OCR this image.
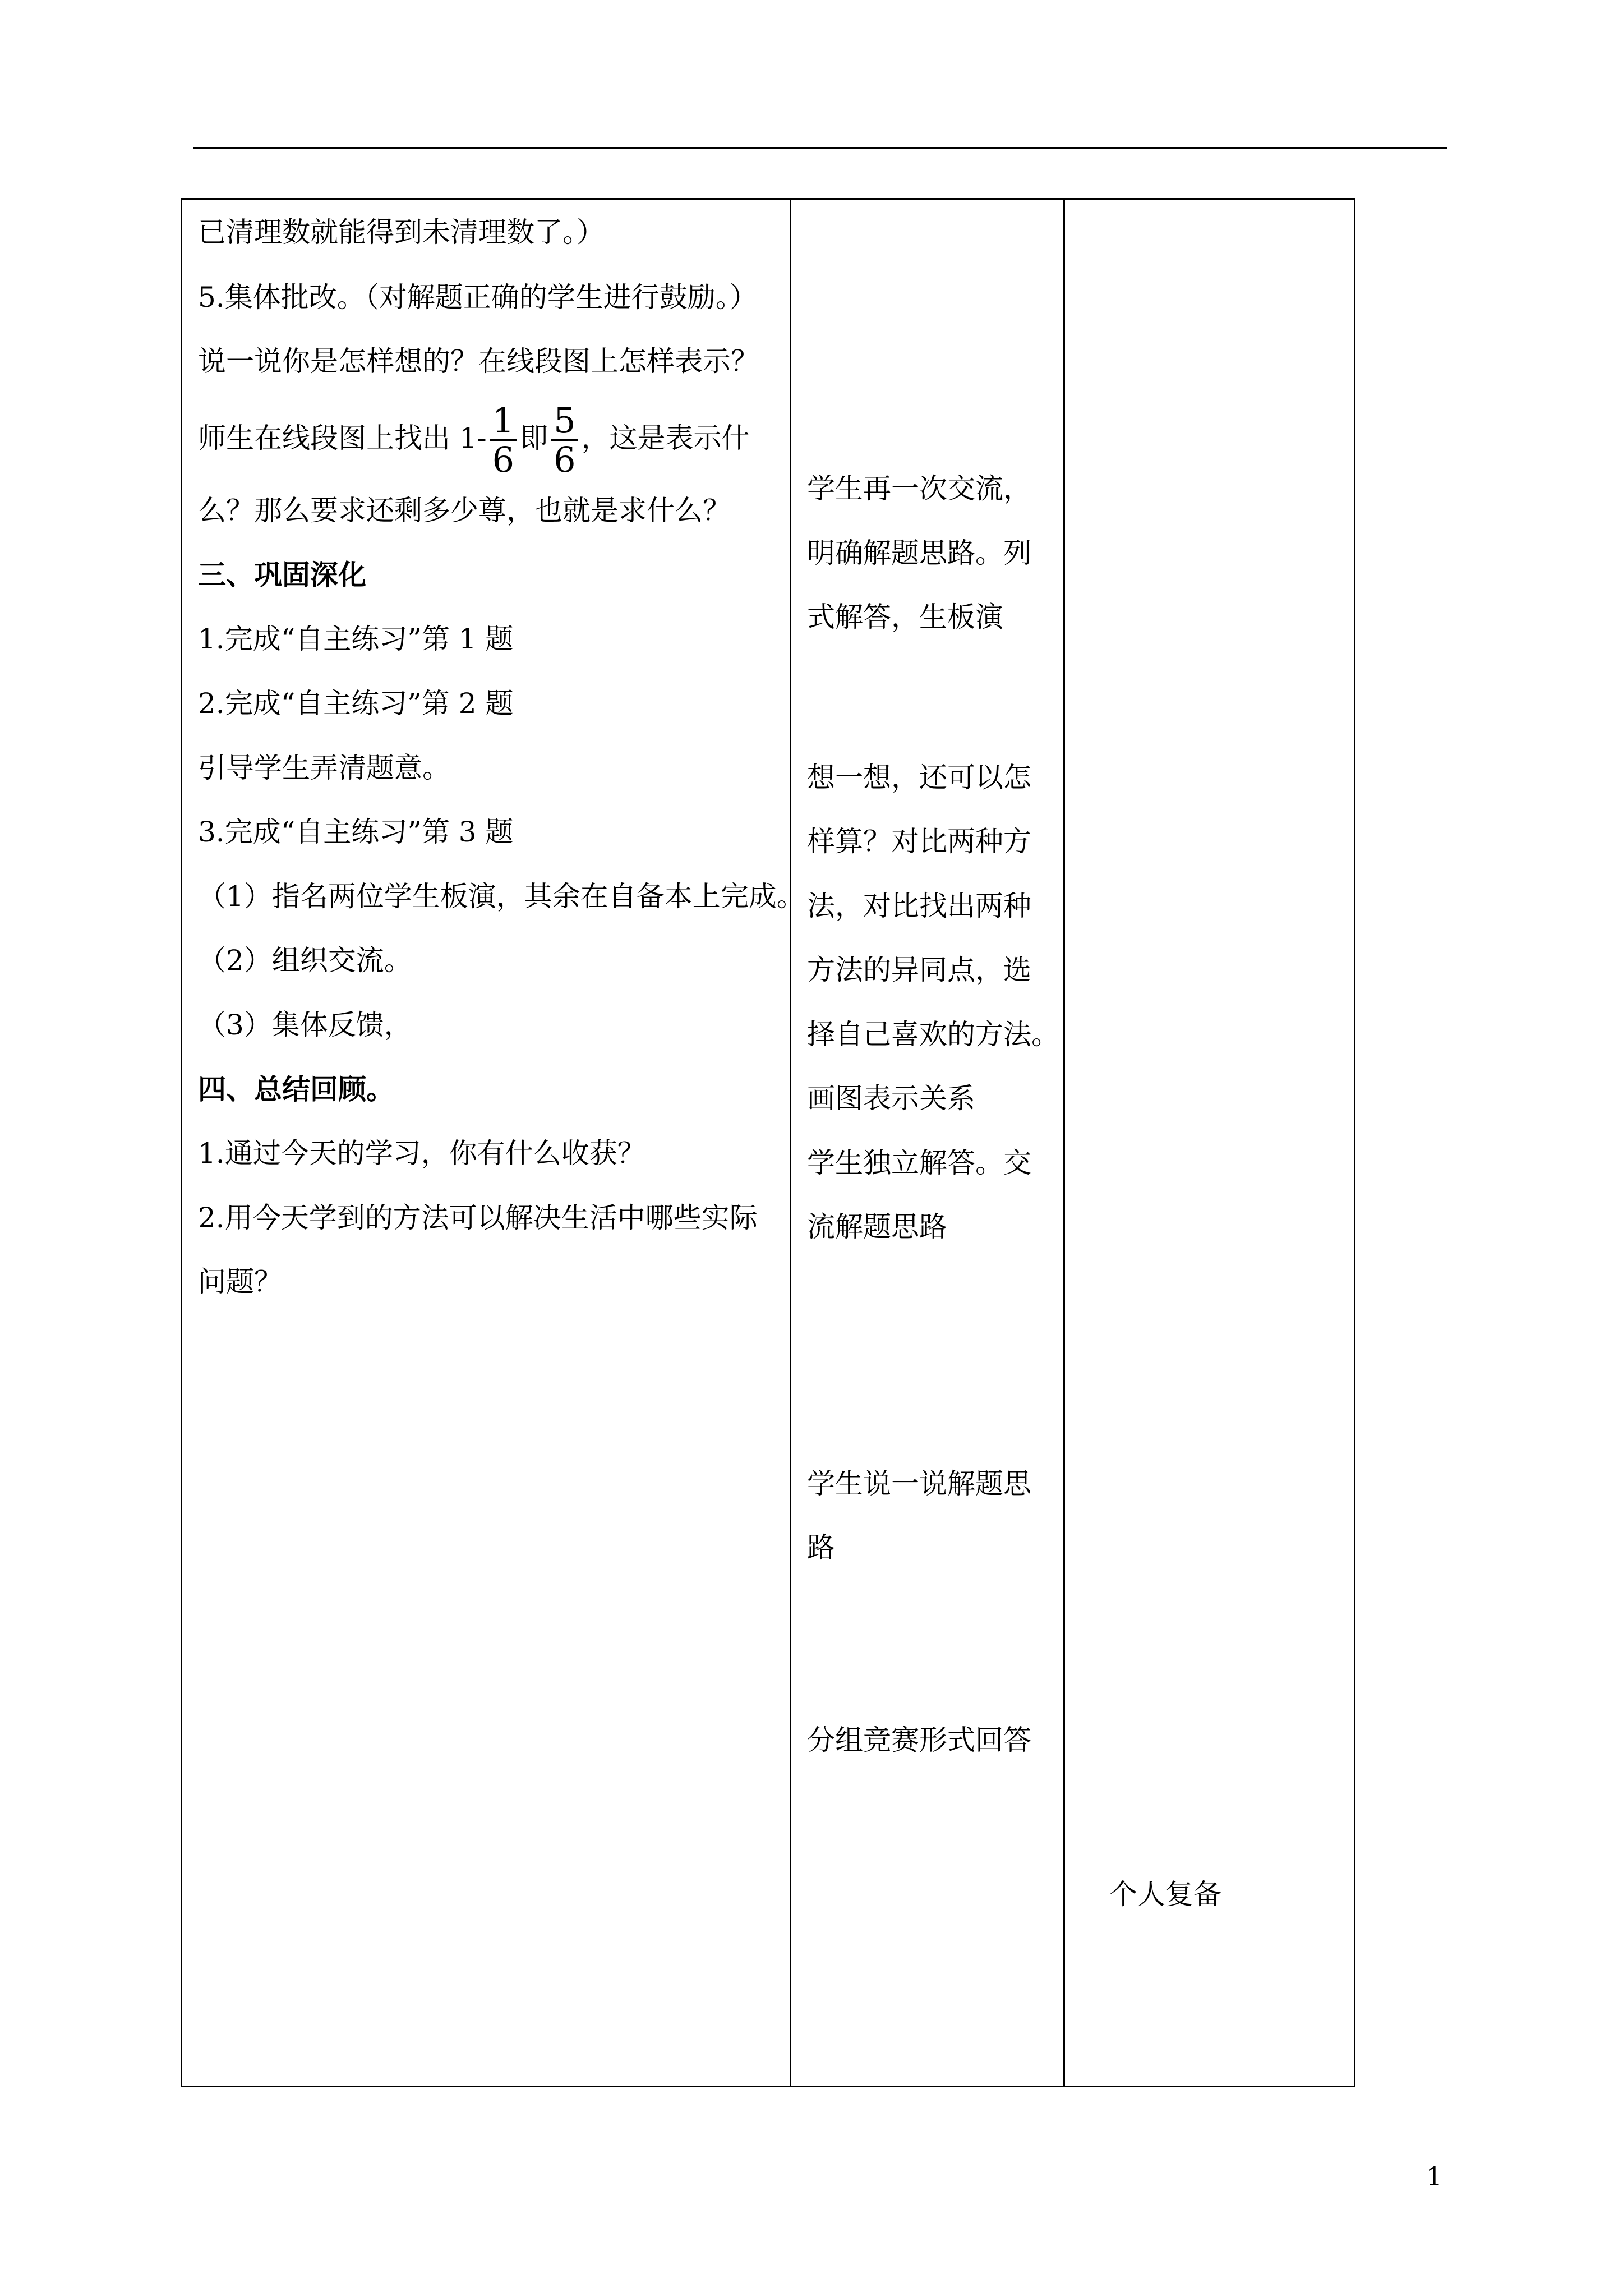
已清理数就能得到未清理数了。）
5.集体批改。（对解题正确的学生进行鼓励。）
说一说你是怎样想的？在线段图上怎样表示？
师生在线段图上找出 $1- \frac{1}{6}$ 即 $\frac{5}{6}$ ，这是表示什
么？那么要求还剩多少尊，也就是求什么？
三、巩固深化
1.完成“自主练习”第 1 题
2.完成“自主练习”第 2 题
引导学生弄清题意。
3.完成“自主练习”第 3 题
（1）指名两位学生板演，其余在自备本上完成。
（2）组织交流。
（3）集体反馈，
四、总结回顾。
1.通过今天的学习，你有什么收获？
2.用今天学到的方法可以解决生活中哪些实际
问题？
学生再一次交流，
明确解题思路。列
式解答，生板演
想一想，还可以怎
样算？对比两种方
法，对比找出两种
方法的异同点，选
择自己喜欢的方法。
画图表示关系
学生独立解答。交
流解题思路
学生说一说解题思
路
分组竞赛形式回答
个人复备
1
